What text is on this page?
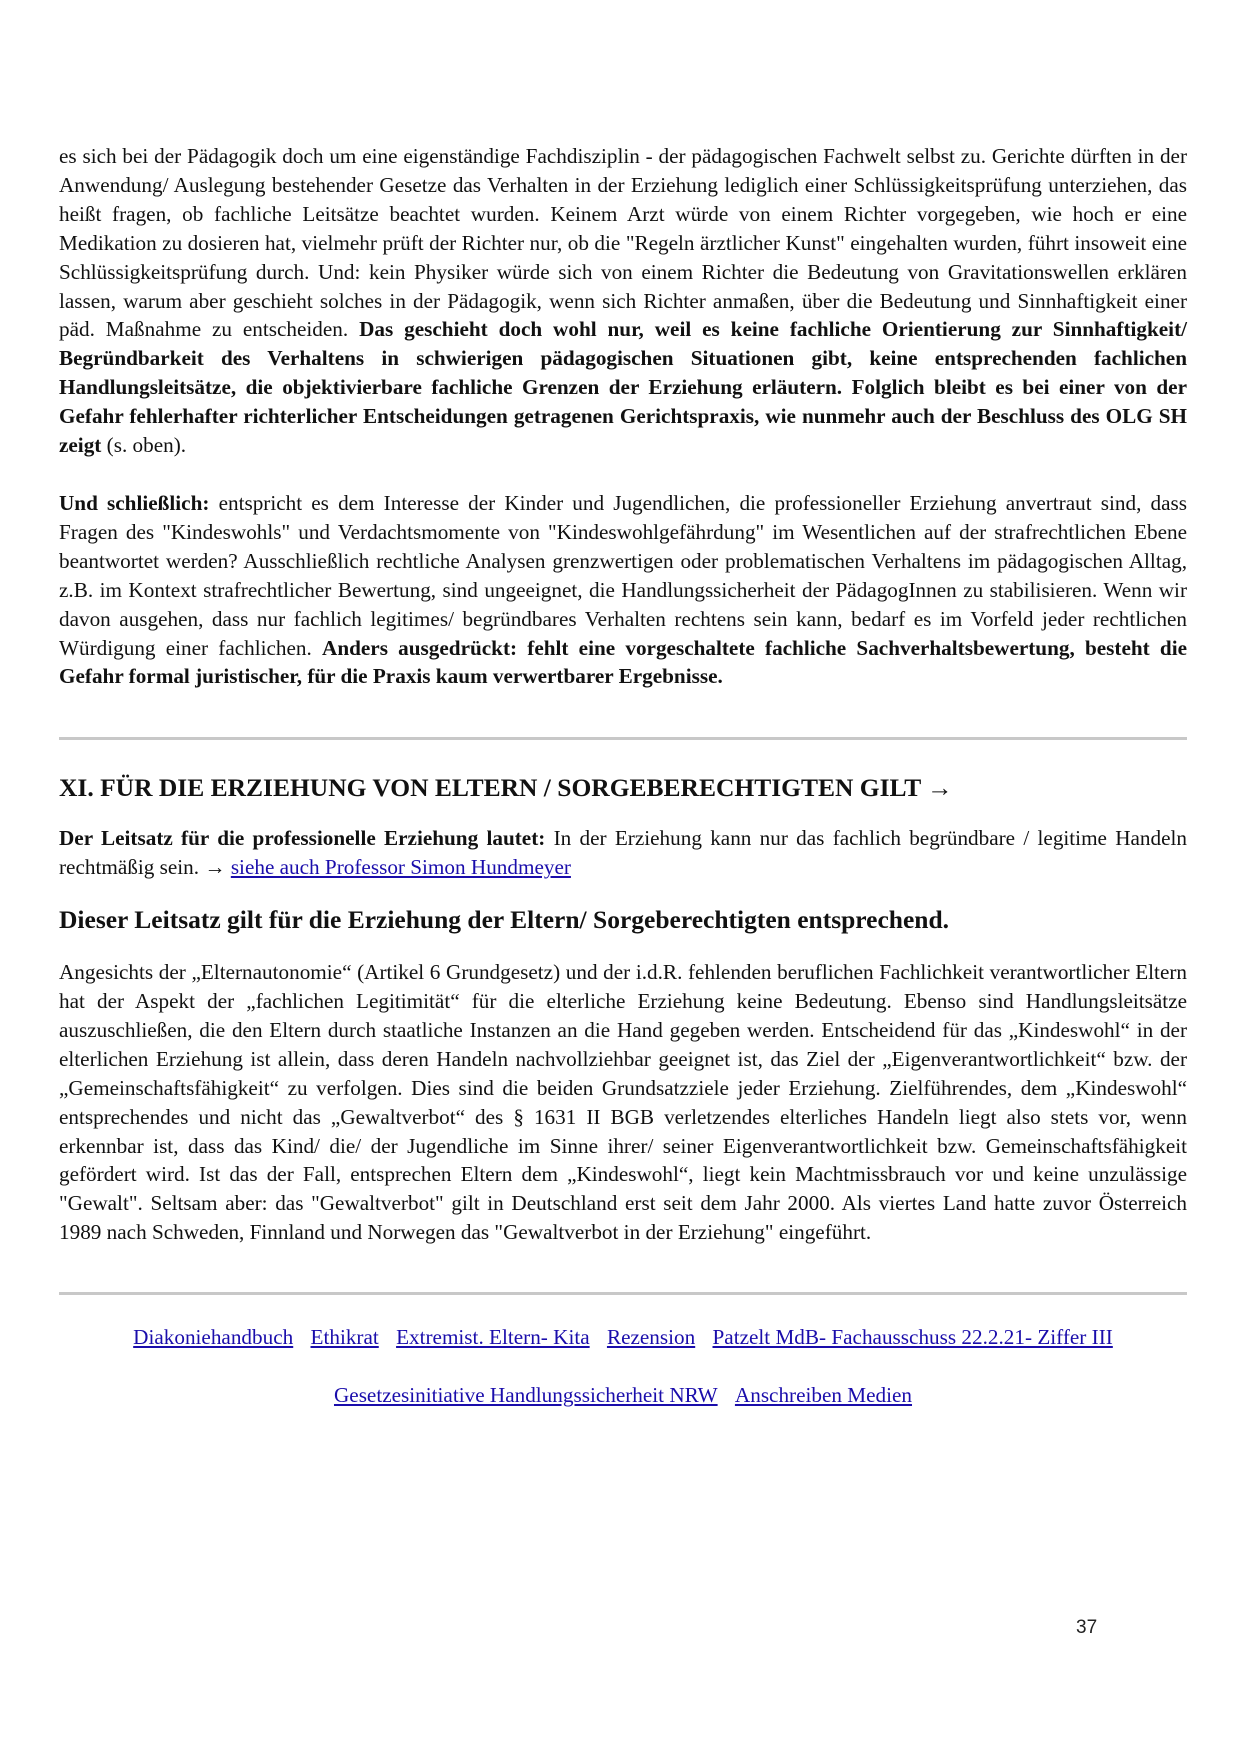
es sich bei der Pädagogik doch um eine eigenständige Fachdisziplin - der pädagogischen Fachwelt selbst zu. Gerichte dürften in der Anwendung/ Auslegung bestehender Gesetze das Verhalten in der Erziehung lediglich einer Schlüssigkeitsprüfung unterziehen, das heißt fragen, ob fachliche Leitsätze beachtet wurden. Keinem Arzt würde von einem Richter vorgegeben, wie hoch er eine Medikation zu dosieren hat, vielmehr prüft der Richter nur, ob die "Regeln ärztlicher Kunst" eingehalten wurden, führt insoweit eine Schlüssigkeitsprüfung durch. Und: kein Physiker würde sich von einem Richter die Bedeutung von Gravitationswellen erklären lassen, warum aber geschieht solches in der Pädagogik, wenn sich Richter anmaßen, über die Bedeutung und Sinnhaftigkeit einer päd. Maßnahme zu entscheiden. Das geschieht doch wohl nur, weil es keine fachliche Orientierung zur Sinnhaftigkeit/ Begründbarkeit des Verhaltens in schwierigen pädagogischen Situationen gibt, keine entsprechenden fachlichen Handlungsleitsätze, die objektivierbare fachliche Grenzen der Erziehung erläutern. Folglich bleibt es bei einer von der Gefahr fehlerhafter richterlicher Entscheidungen getragenen Gerichtspraxis, wie nunmehr auch der Beschluss des OLG SH zeigt (s. oben).

Und schließlich: entspricht es dem Interesse der Kinder und Jugendlichen, die professioneller Erziehung anvertraut sind, dass Fragen des "Kindeswohls" und Verdachtsmomente von "Kindeswohlgefährdung" im Wesentlichen auf der strafrechtlichen Ebene beantwortet werden? Ausschließlich rechtliche Analysen grenzwertigen oder problematischen Verhaltens im pädagogischen Alltag, z.B. im Kontext strafrechtlicher Bewertung, sind ungeeignet, die Handlungssicherheit der PädagogInnen zu stabilisieren. Wenn wir davon ausgehen, dass nur fachlich legitimes/ begründbares Verhalten rechtens sein kann, bedarf es im Vorfeld jeder rechtlichen Würdigung einer fachlichen. Anders ausgedrückt: fehlt eine vorgeschaltete fachliche Sachverhaltsbewertung, besteht die Gefahr formal juristischer, für die Praxis kaum verwertbarer Ergebnisse.

XI. FÜR DIE ERZIEHUNG VON ELTERN / SORGEBERECHTIGTEN GILT →

Der Leitsatz für die professionelle Erziehung lautet: In der Erziehung kann nur das fachlich begründbare / legitime Handeln rechtmäßig sein. → siehe auch Professor Simon Hundmeyer

Dieser Leitsatz gilt für die Erziehung der Eltern/ Sorgeberechtigten entsprechend.

Angesichts der „Elternautonomie“ (Artikel 6 Grundgesetz) und der i.d.R. fehlenden beruflichen Fachlichkeit verantwortlicher Eltern hat der Aspekt der „fachlichen Legitimität“ für die elterliche Erziehung keine Bedeutung. Ebenso sind Handlungsleitsätze auszuschließen, die den Eltern durch staatliche Instanzen an die Hand gegeben werden. Entscheidend für das „Kindeswohl“ in der elterlichen Erziehung ist allein, dass deren Handeln nachvollziehbar geeignet ist, das Ziel der „Eigenverantwortlichkeit“ bzw. der „Gemeinschaftsfähigkeit“ zu verfolgen. Dies sind die beiden Grundsatzziele jeder Erziehung. Zielführendes, dem „Kindeswohl“ entsprechendes und nicht das „Gewaltverbot“ des § 1631 II BGB verletzendes elterliches Handeln liegt also stets vor, wenn erkennbar ist, dass das Kind/ die/ der Jugendliche im Sinne ihrer/ seiner Eigenverantwortlichkeit bzw. Gemeinschaftsfähigkeit gefördert wird. Ist das der Fall, entsprechen Eltern dem „Kindeswohl“, liegt kein Machtmissbrauch vor und keine unzulässige "Gewalt". Seltsam aber: das "Gewaltverbot" gilt in Deutschland erst seit dem Jahr 2000. Als viertes Land hatte zuvor Österreich 1989 nach Schweden, Finnland und Norwegen das "Gewaltverbot in der Erziehung" eingeführt.

Diakoniehandbuch Ethikrat Extremist. Eltern- Kita Rezension Patzelt MdB- Fachausschuss 22.2.21- Ziffer III
Gesetzesinitiative Handlungssicherheit NRW Anschreiben Medien
37
